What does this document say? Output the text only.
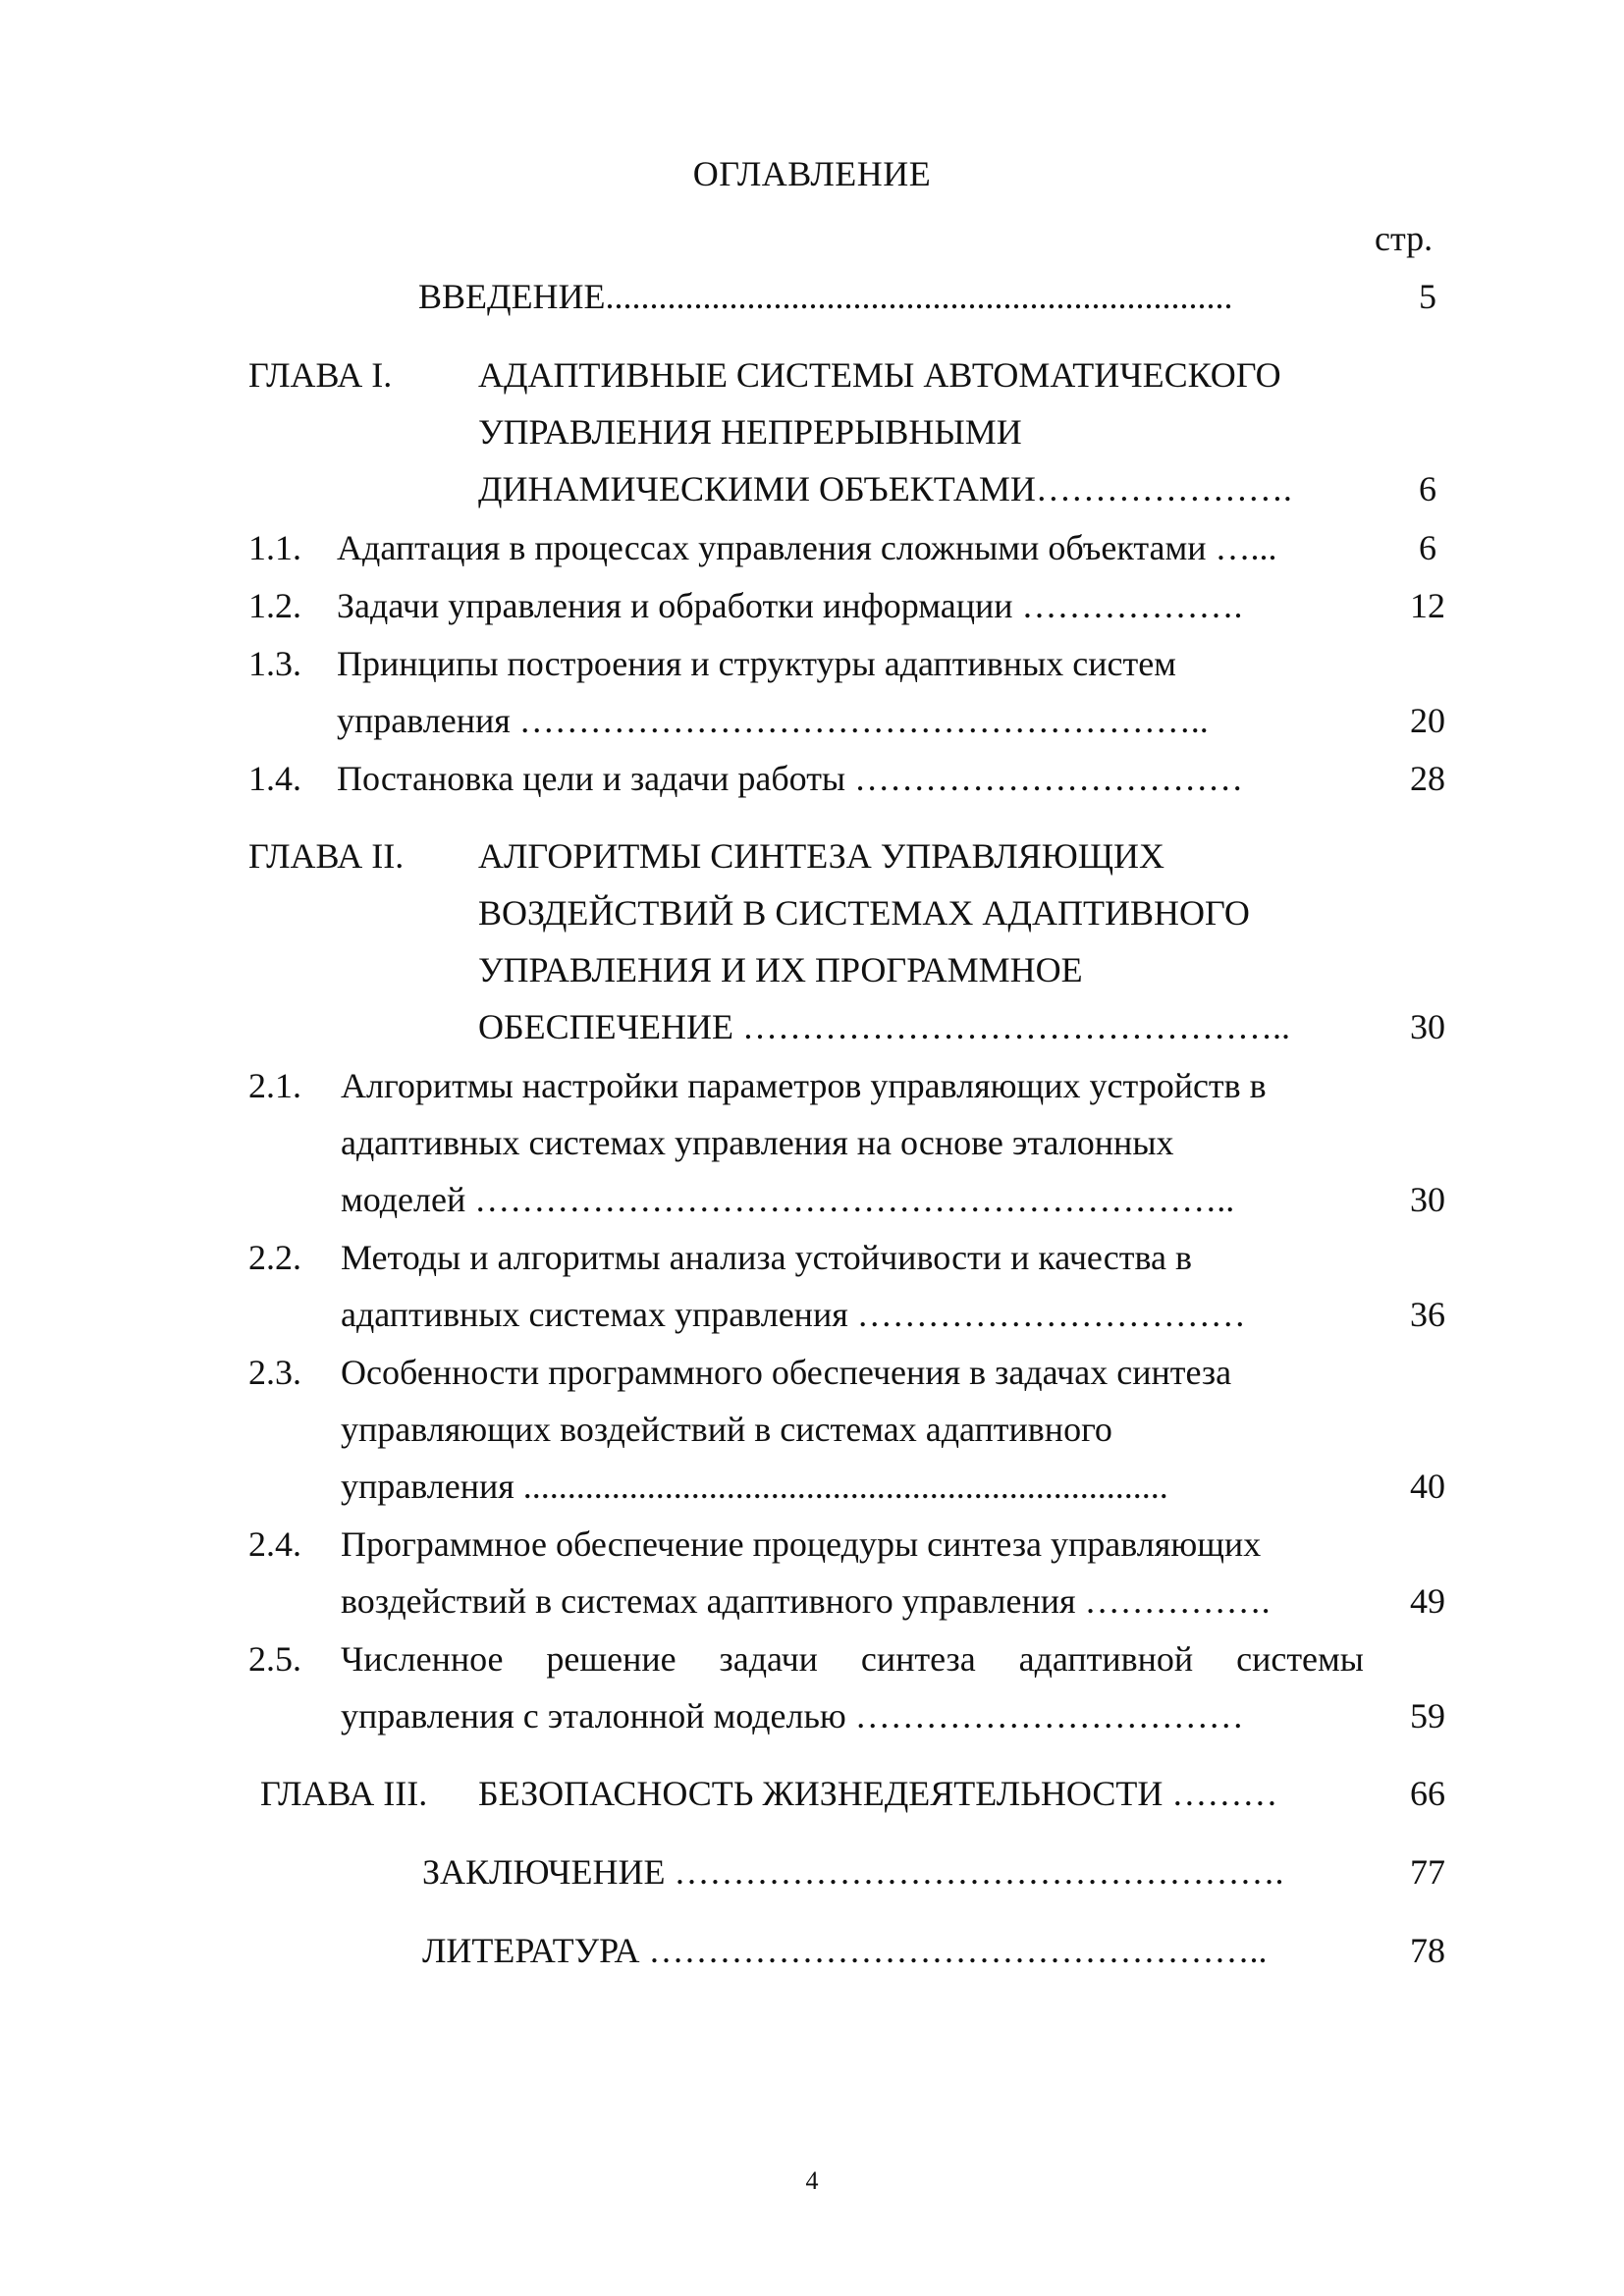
ОГЛАВЛЕНИЕ
стр.
ВВЕДЕНИЕ.......................................................................	5
ГЛАВА I. АДАПТИВНЫЕ СИСТЕМЫ АВТОМАТИЧЕСКОГО
УПРАВЛЕНИЯ НЕПРЕРЫВНЫМИ
ДИНАМИЧЕСКИМИ ОБЪЕКТАМИ………………….	6
1.1. Адаптация в процессах управления сложными объектами …...	6
1.2. Задачи управления и обработки информации ……………….	12
1.3. Принципы построения и структуры адаптивных систем
управления …………………………………………………..	20
1.4. Постановка цели и задачи работы ……………………………	28
ГЛАВА II. АЛГОРИТМЫ СИНТЕЗА УПРАВЛЯЮЩИХ
ВОЗДЕЙСТВИЙ В СИСТЕМАХ АДАПТИВНОГО
УПРАВЛЕНИЯ И ИХ ПРОГРАММНОЕ
ОБЕСПЕЧЕНИЕ ………………………………………..	30
2.1. Алгоритмы настройки параметров управляющих устройств в
адаптивных системах управления на основе эталонных
моделей ………………………………………………………..	30
2.2. Методы и алгоритмы анализа устойчивости и качества в
адаптивных системах управления ……………………………	36
2.3. Особенности программного обеспечения в задачах синтеза
управляющих воздействий в системах адаптивного
управления .........................................................................	40
2.4. Программное обеспечение процедуры синтеза управляющих
воздействий в системах адаптивного управления …………….	49
2.5. Численное решение задачи синтеза адаптивной системы
управления с эталонной моделью ……………………………	59
ГЛАВА III. БЕЗОПАСНОСТЬ ЖИЗНЕДЕЯТЕЛЬНОСТИ ………	66
ЗАКЛЮЧЕНИЕ …………………………………………….	77
ЛИТЕРАТУРА ……………………………………………..	78
4
